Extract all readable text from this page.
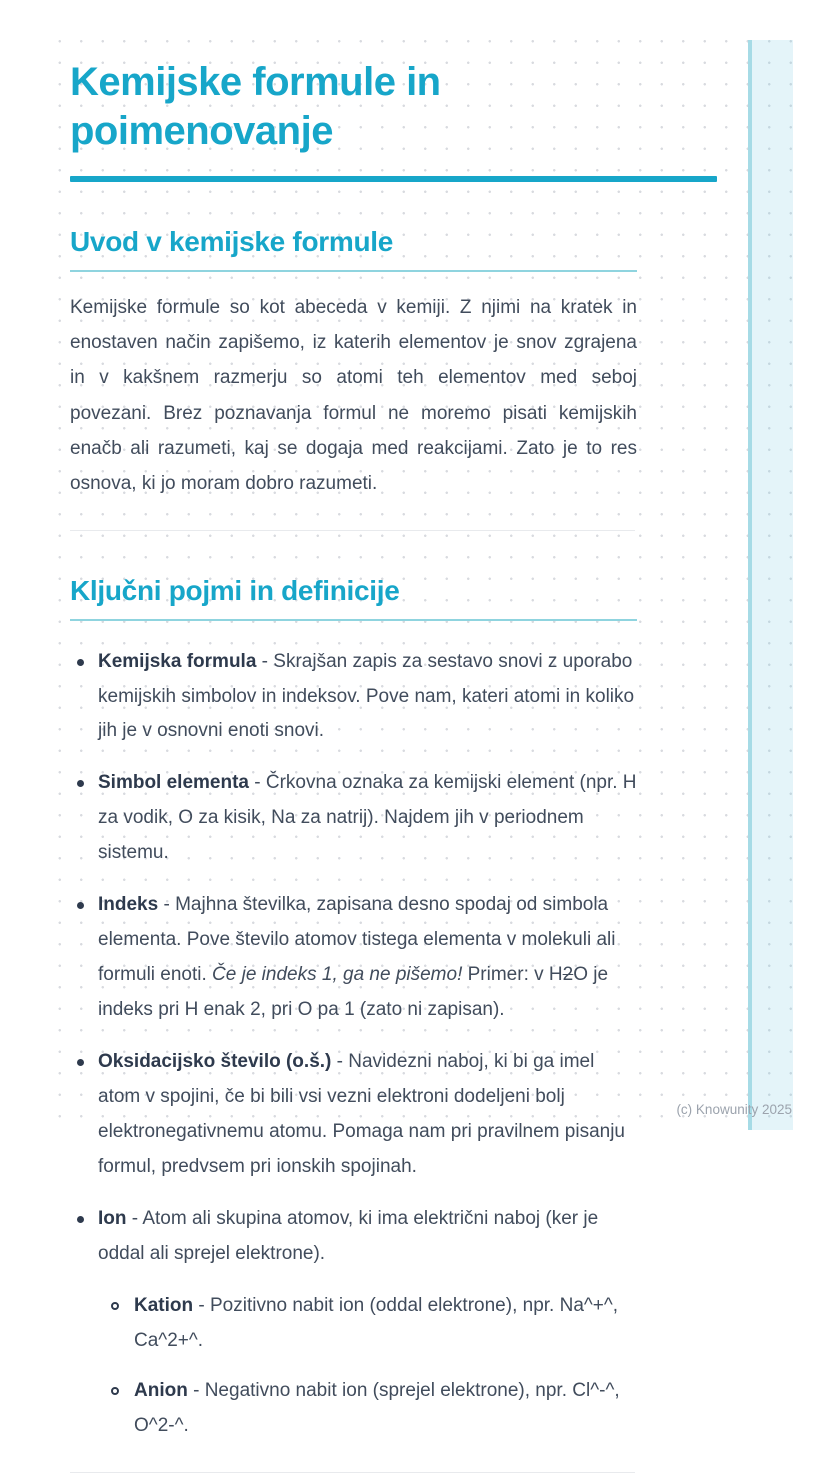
Kemijske formule in poimenovanje
Uvod v kemijske formule

Kemijske formule so kot abeceda v kemiji. Z njimi na kratek in enostaven način zapišemo, iz katerih elementov je snov zgrajena in v kakšnem razmerju so atomi teh elementov med seboj povezani. Brez poznavanja formul ne moremo pisati kemijskih enačb ali razumeti, kaj se dogaja med reakcijami. Zato je to res osnova, ki jo moram dobro razumeti.

Ključni pojmi in definicije
Kemijska formula - Skrajšan zapis za sestavo snovi z uporabo kemijskih simbolov in indeksov. Pove nam, kateri atomi in koliko jih je v osnovni enoti snovi.
Simbol elementa - Črkovna oznaka za kemijski element (npr. H za vodik, O za kisik, Na za natrij). Najdem jih v periodnem sistemu.
Indeks - Majhna številka, zapisana desno spodaj od simbola elementa. Pove število atomov tistega elementa v molekuli ali formuli enoti. Če je indeks 1, ga ne pišemo! Primer: v H2O je indeks pri H enak 2, pri O pa 1 (zato ni zapisan).
Oksidacijsko število (o.š.) - Navidezni naboj, ki bi ga imel atom v spojini, če bi bili vsi vezni elektroni dodeljeni bolj elektronegativnemu atomu. Pomaga nam pri pravilnem pisanju formul, predvsem pri ionskih spojinah.
Ion - Atom ali skupina atomov, ki ima električni naboj (ker je oddal ali sprejel elektrone).
Kation - Pozitivno nabit ion (oddal elektrone), npr. Na^+^, Ca^2+^.
Anion - Negativno nabit ion (sprejel elektrone), npr. Cl^-^, O^2-^.
(c) Knowunity 2025
